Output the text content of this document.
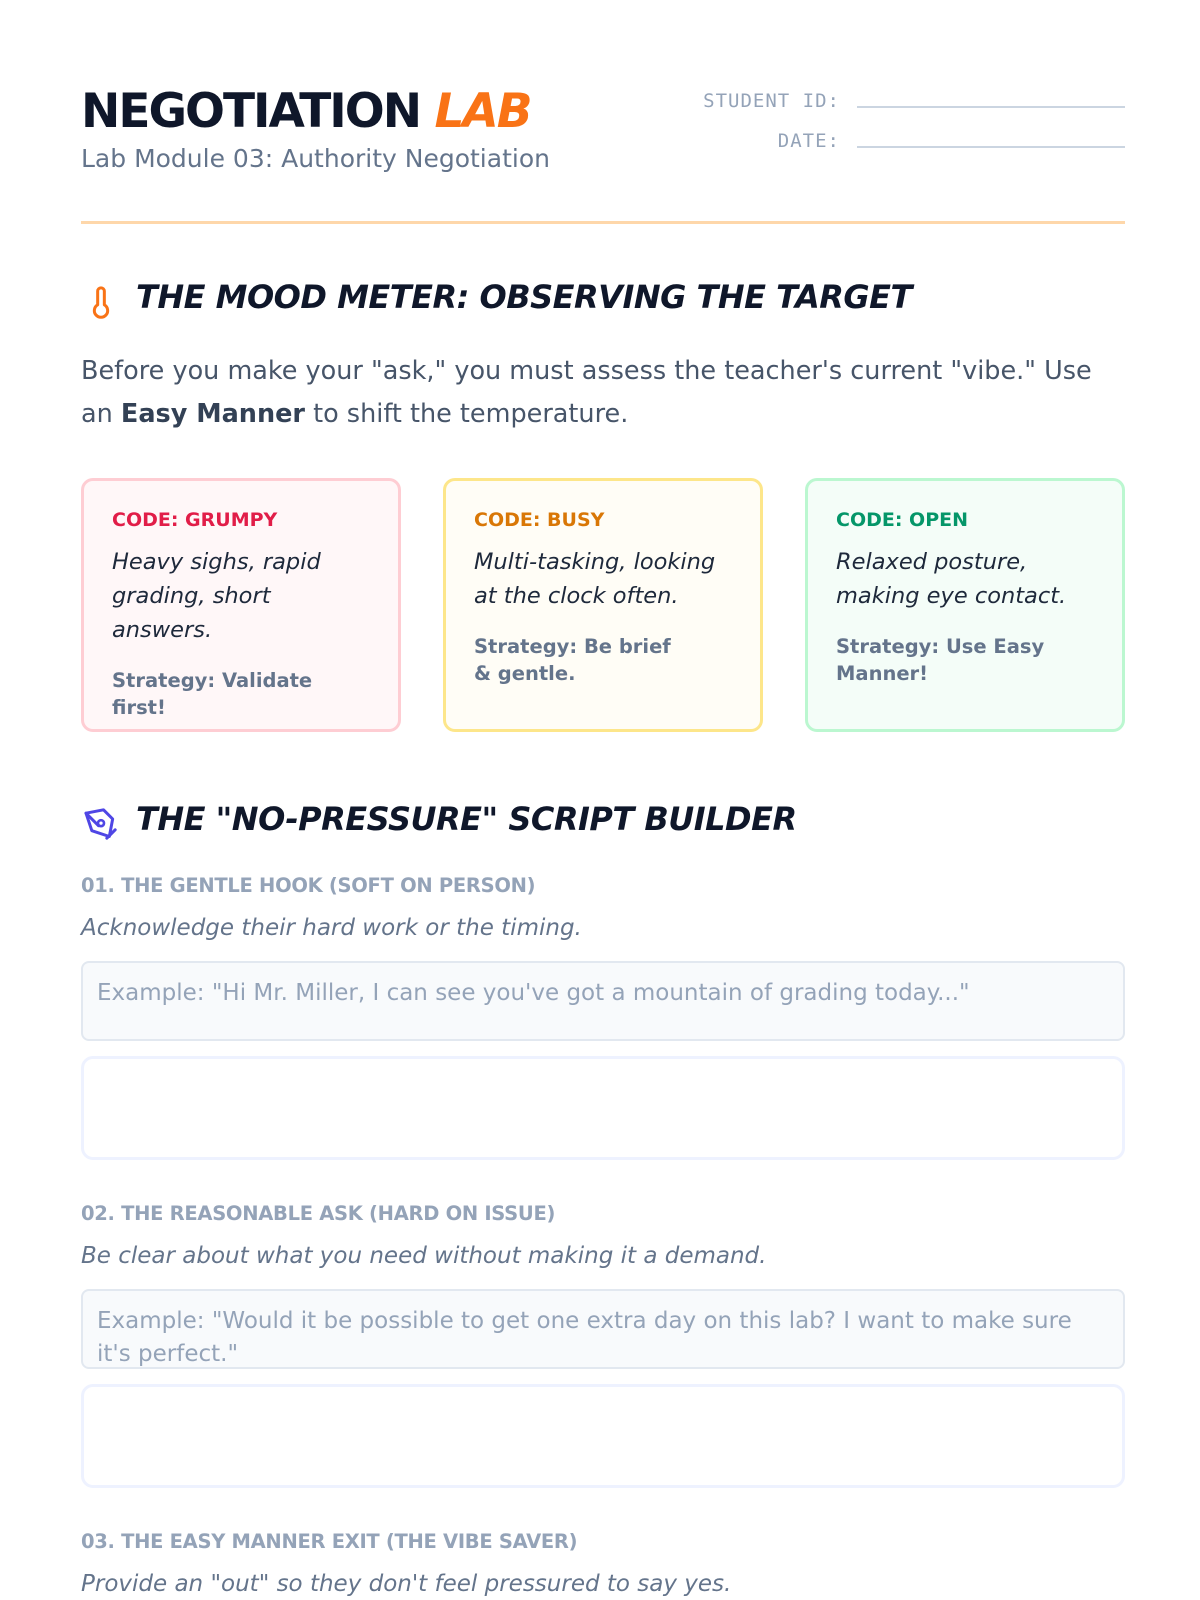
NEGOTIATION LAB
Lab Module 03: Authority Negotiation
STUDENT ID:
DATE:
THE MOOD METER: OBSERVING THE TARGET

Before you make your "ask," you must assess the teacher's current "vibe." Use an Easy Manner to shift the temperature.

CODE: GRUMPY
Heavy sighs, rapid grading, short answers.
Strategy: Validate first!
CODE: BUSY
Multi-tasking, looking at the clock often.
Strategy: Be brief & gentle.
CODE: OPEN
Relaxed posture, making eye contact.
Strategy: Use Easy Manner!
THE "NO-PRESSURE" SCRIPT BUILDER
01. THE GENTLE HOOK (SOFT ON PERSON)
Acknowledge their hard work or the timing.
Example: "Hi Mr. Miller, I can see you've got a mountain of grading today..."
02. THE REASONABLE ASK (HARD ON ISSUE)
Be clear about what you need without making it a demand.
Example: "Would it be possible to get one extra day on this lab? I want to make sure it's perfect."
03. THE EASY MANNER EXIT (THE VIBE SAVER)
Provide an "out" so they don't feel pressured to say yes.
